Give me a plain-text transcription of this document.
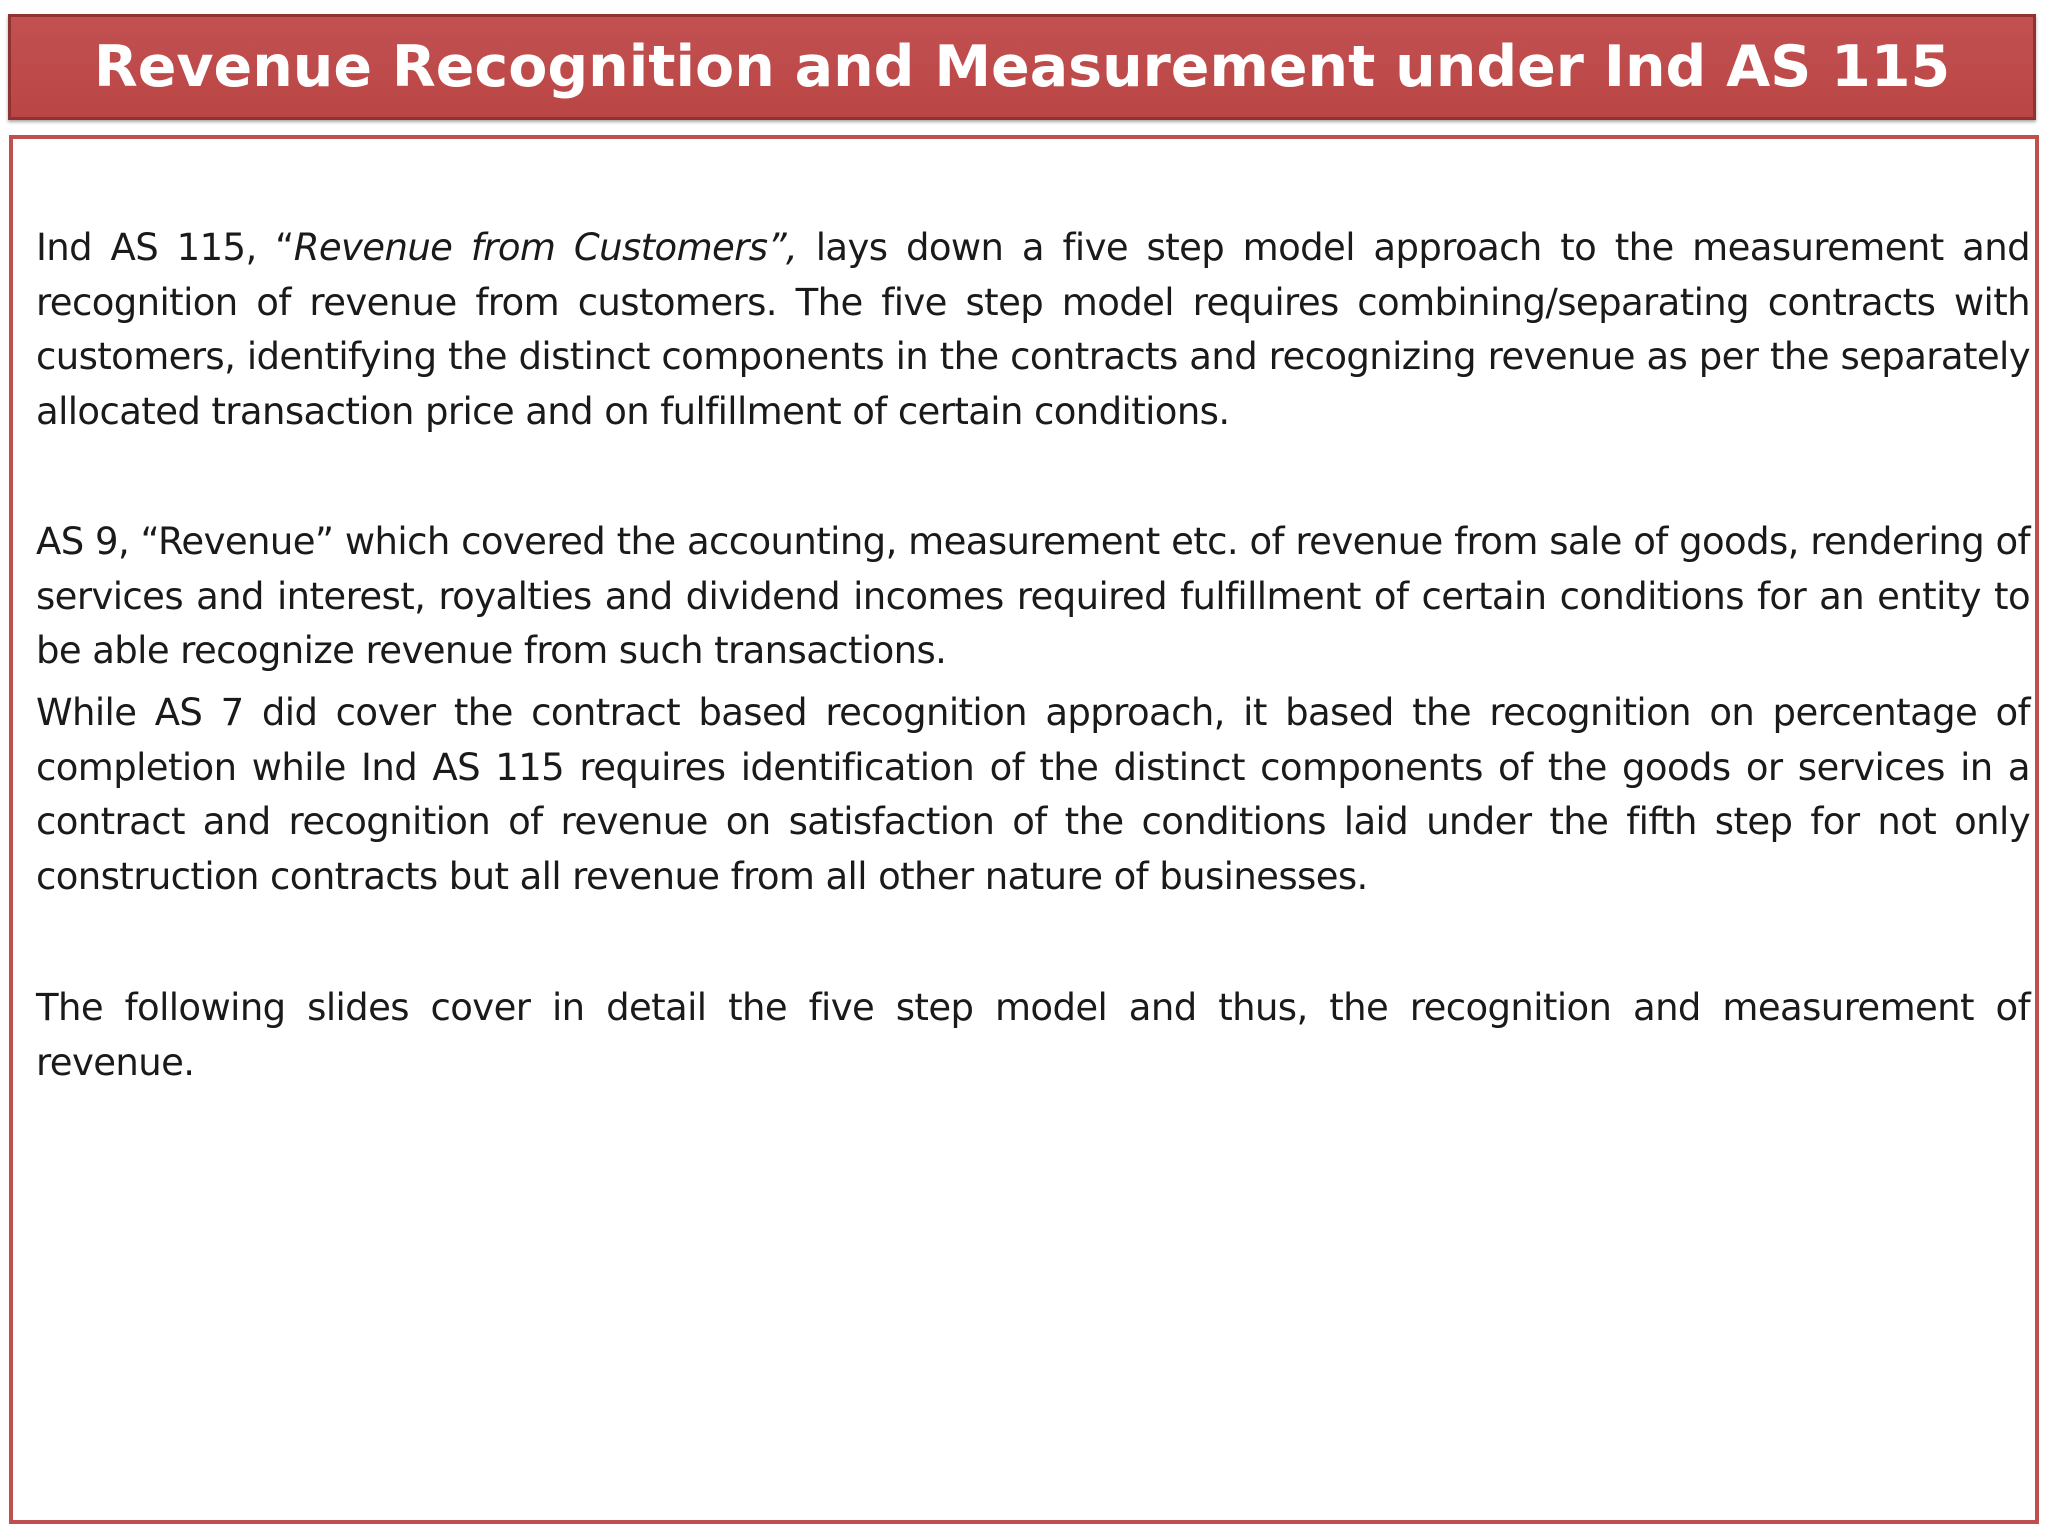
Revenue Recognition and Measurement under Ind AS 115

Ind AS 115, “Revenue from Customers”, lays down a five step model approach to the measurement and recognition of revenue from customers. The five step model requires combining/separating contracts with customers, identifying the distinct components in the contracts and recognizing revenue as per the separately allocated transaction price and on fulfillment of certain conditions.

AS 9, “Revenue” which covered the accounting, measurement etc. of revenue from sale of goods, rendering of services and interest, royalties and dividend incomes required fulfillment of certain conditions for an entity to be able recognize revenue from such transactions.

While AS 7 did cover the contract based recognition approach, it based the recognition on percentage of completion while Ind AS 115 requires identification of the distinct components of the goods or services in a contract and recognition of revenue on satisfaction of the conditions laid under the fifth step for not only construction contracts but all revenue from all other nature of businesses.

The following slides cover in detail the five step model and thus, the recognition and measurement of revenue.
